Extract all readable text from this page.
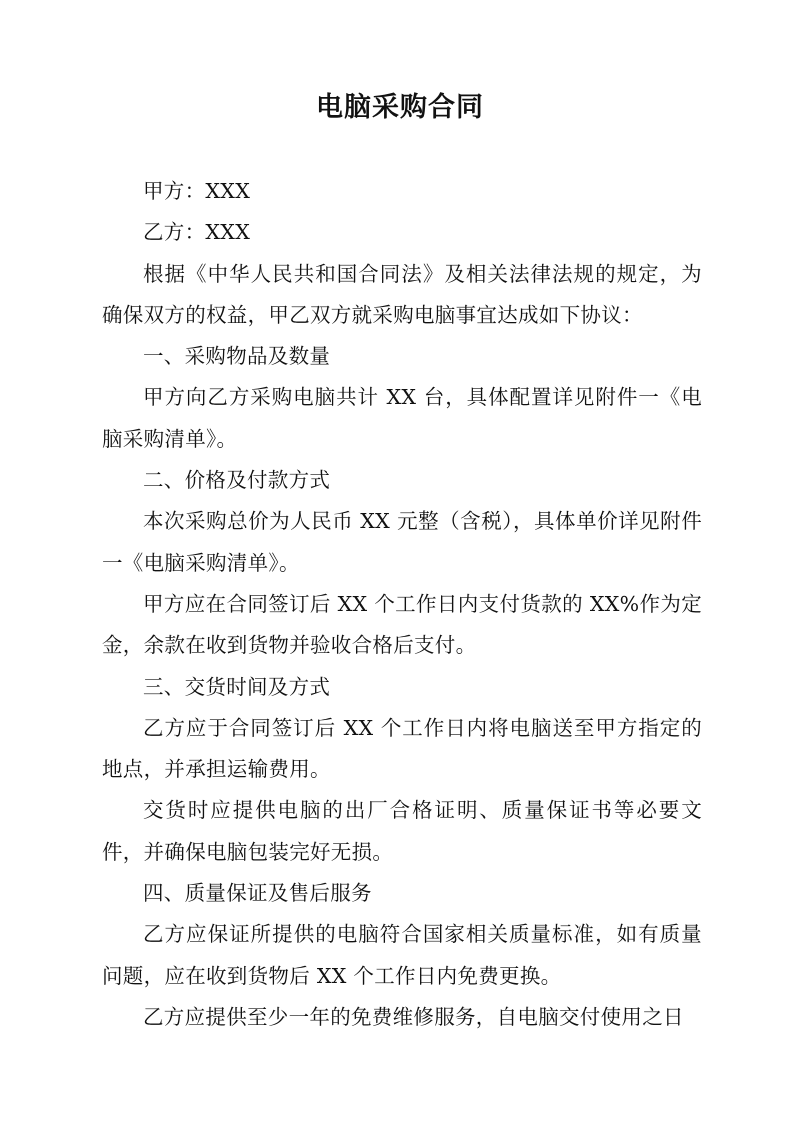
电脑采购合同

甲方：XXX

乙方：XXX

根据《中华人民共和国合同法》及相关法律法规的规定，为确保双方的权益，甲乙双方就采购电脑事宜达成如下协议：

一、采购物品及数量

甲方向乙方采购电脑共计 XX 台，具体配置详见附件一《电脑采购清单》。

二、价格及付款方式

本次采购总价为人民币 XX 元整（含税），具体单价详见附件一《电脑采购清单》。

甲方应在合同签订后 XX 个工作日内支付货款的 XX%作为定金，余款在收到货物并验收合格后支付。

三、交货时间及方式

乙方应于合同签订后 XX 个工作日内将电脑送至甲方指定的地点，并承担运输费用。

交货时应提供电脑的出厂合格证明、质量保证书等必要文件，并确保电脑包装完好无损。

四、质量保证及售后服务

乙方应保证所提供的电脑符合国家相关质量标准，如有质量问题，应在收到货物后 XX 个工作日内免费更换。

乙方应提供至少一年的免费维修服务，自电脑交付使用之日
